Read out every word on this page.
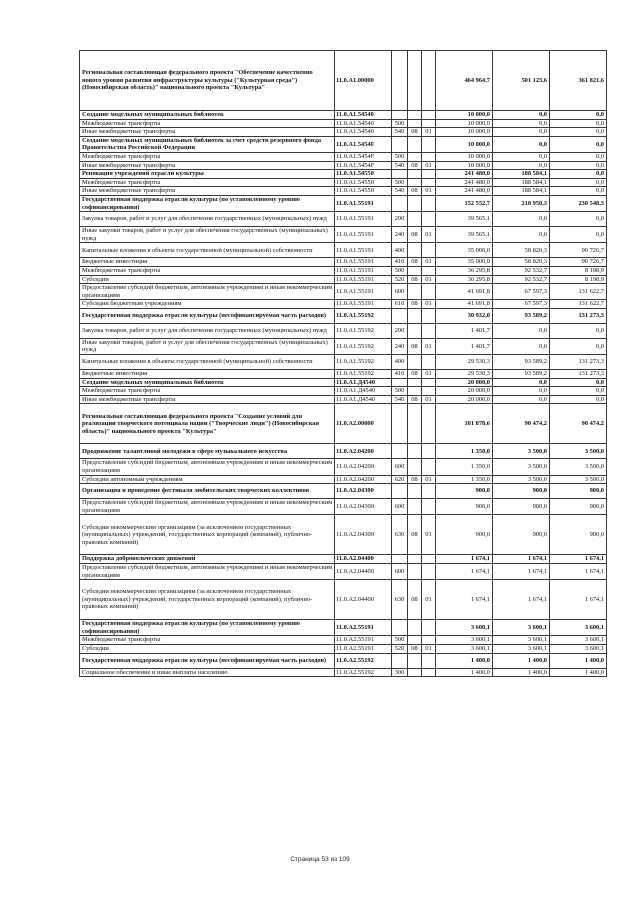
Региональная составляющая федерального проекта "Обеспечение качественно нового уровня развития инфраструктуры культуры ("Культурная среда") (Новосибирская область)" национального проекта "Культура"	11.0.A1.00000				464 964,7	501 123,6	361 821,6
Создание модельных муниципальных библиотек	11.0.A1.54540				10 000,0	0,0	0,0
Межбюджетные трансферты	11.0.A1.54540	500			10 000,0	0,0	0,0
Иные межбюджетные трансферты	11.0.A1.54540	540	08	01	10 000,0	0,0	0,0
Создание модельных муниципальных библиотек за счет средств резервного фонда Правительства Российской Федерации	11.0.A1.5454F				10 000,0	0,0	0,0
Межбюджетные трансферты	11.0.A1.5454F	500			10 000,0	0,0	0,0
Иные межбюджетные трансферты	11.0.A1.5454F	540	08	01	10 000,0	0,0	0,0
Реновация учреждений отрасли культуры	11.0.A1.54550				241 480,0	188 584,1	0,0
Межбюджетные трансферты	11.0.A1.54550	500			241 480,0	188 584,1	0,0
Иные межбюджетные трансферты	11.0.A1.54550	540	08	01	241 480,0	188 584,1	0,0
Государственная поддержка отрасли культуры (по установленному уровню софинансирования)	11.0.A1.55191				152 552,7	218 950,3	230 548,3
Закупка товаров, работ и услуг для обеспечения государственных (муниципальных) нужд	11.0.A1.55191	200			39 565,1	0,0	0,0
Иные закупки товаров, работ и услуг для обеспечения государственных (муниципальных) нужд	11.0.A1.55191	240	08	01	39 565,1	0,0	0,0
Капитальные вложения в объекты государственной (муниципальной) собственности	11.0.A1.55191	400			35 000,0	58 820,3	90 726,7
Бюджетные инвестиции	11.0.A1.55191	410	08	01	35 000,0	58 820,3	90 726,7
Межбюджетные трансферты	11.0.A1.55191	500			36 295,8	92 532,7	8 198,9
Субсидии	11.0.A1.55191	520	08	01	36 295,8	92 532,7	8 198,9
Предоставление субсидий бюджетным, автономным учреждениям и иным некоммерческим организациям	11.0.A1.55191	600			41 691,8	67 597,3	131 622,7
Субсидии бюджетным учреждениям	11.0.A1.55191	610	08	01	41 691,8	67 597,3	131 622,7
Государственная поддержка отрасли культуры (несофинансируемая часть расходов)	11.0.A1.55192				30 932,0	93 589,2	131 273,3
Закупка товаров, работ и услуг для обеспечения государственных (муниципальных) нужд	11.0.A1.55192	200			1 401,7	0,0	0,0
Иные закупки товаров, работ и услуг для обеспечения государственных (муниципальных) нужд	11.0.A1.55192	240	08	01	1 401,7	0,0	0,0
Капитальные вложения в объекты государственной (муниципальной) собственности	11.0.A1.55192	400			29 530,3	93 589,2	131 273,3
Бюджетные инвестиции	11.0.A1.55192	410	08	01	29 530,3	93 589,2	131 273,3
Создание модельных муниципальных библиотек	11.0.A1.Д4540				20 000,0	0,0	0,0
Межбюджетные трансферты	11.0.A1.Д4540	500			20 000,0	0,0	0,0
Иные межбюджетные трансферты	11.0.A1.Д4540	540	08	01	20 000,0	0,0	0,0
Региональная составляющая федерального проекта "Создание условий для реализации творческого потенциала нации ("Творческие люди") (Новосибирская область)" национального проекта "Культура"	11.0.A2.00000				101 878,6	90 474,2	90 474,2
Продвижение талантливой молодежи в сфере музыкального искусства	11.0.A2.04200				1 350,0	3 500,0	3 500,0
Предоставление субсидий бюджетным, автономным учреждениям и иным некоммерческим организациям	11.0.A2.04200	600			1 350,0	3 500,0	3 500,0
Субсидии автономным учреждениям	11.0.A2.04200	620	08	01	1 350,0	3 500,0	3 500,0
Организация и проведение фестиваля любительских творческих коллективов	11.0.A2.04300				900,0	900,0	900,0
Предоставление субсидий бюджетным, автономным учреждениям и иным некоммерческим организациям	11.0.A2.04300	600			900,0	900,0	900,0
Субсидии некоммерческим организациям (за исключением государственных (муниципальных) учреждений, государственных корпораций (компаний), публично-правовых компаний)	11.0.A2.04300	630	08	01	900,0	900,0	900,0
Поддержка добровольческих движений	11.0.A2.04400				1 674,1	1 674,1	1 674,1
Предоставление субсидий бюджетным, автономным учреждениям и иным некоммерческим организациям	11.0.A2.04400	600			1 674,1	1 674,1	1 674,1
Субсидии некоммерческим организациям (за исключением государственных (муниципальных) учреждений, государственных корпораций (компаний), публично-правовых компаний)	11.0.A2.04400	630	08	01	1 674,1	1 674,1	1 674,1
Государственная поддержка отрасли культуры (по установленному уровню софинансирования)	11.0.A2.55191				3 600,1	3 600,1	3 600,1
Межбюджетные трансферты	11.0.A2.55191	500			3 600,1	3 600,1	3 600,1
Субсидии	11.0.A2.55191	520	08	01	3 600,1	3 600,1	3 600,1
Государственная поддержка отрасли культуры (несофинансируемая часть расходов)	11.0.A2.55192				1 400,0	1 400,0	1 400,0
Социальное обеспечение и иные выплаты населению	11.0.A2.55192	300			1 400,0	1 400,0	1 400,0
Страница 53 из 109
